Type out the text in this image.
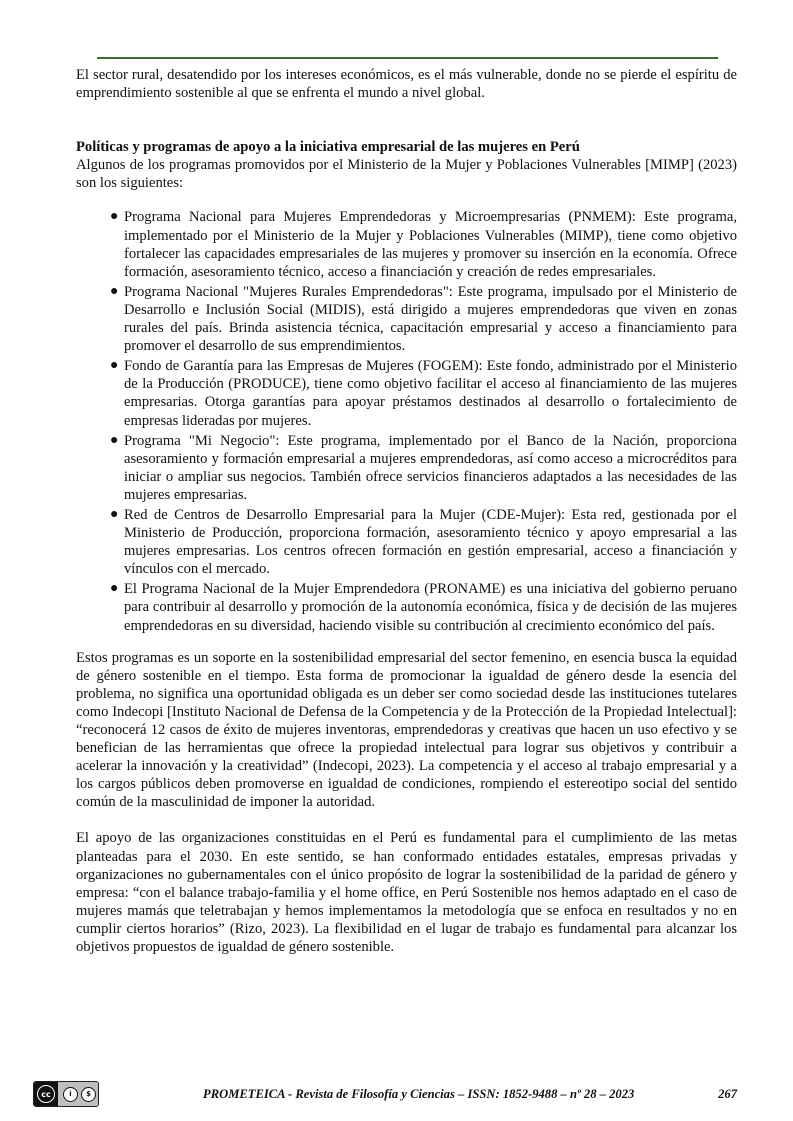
El sector rural, desatendido por los intereses económicos, es el más vulnerable, donde no se pierde el espíritu de emprendimiento sostenible al que se enfrenta el mundo a nivel global.

Políticas y programas de apoyo a la iniciativa empresarial de las mujeres en Perú

Algunos de los programas promovidos por el Ministerio de la Mujer y Poblaciones Vulnerables [MIMP] (2023) son los siguientes:

● Programa Nacional para Mujeres Emprendedoras y Microempresarias (PNMEM): Este programa, implementado por el Ministerio de la Mujer y Poblaciones Vulnerables (MIMP), tiene como objetivo fortalecer las capacidades empresariales de las mujeres y promover su inserción en la economía. Ofrece formación, asesoramiento técnico, acceso a financiación y creación de redes empresariales.
● Programa Nacional "Mujeres Rurales Emprendedoras": Este programa, impulsado por el Ministerio de Desarrollo e Inclusión Social (MIDIS), está dirigido a mujeres emprendedoras que viven en zonas rurales del país. Brinda asistencia técnica, capacitación empresarial y acceso a financiamiento para promover el desarrollo de sus emprendimientos.
● Fondo de Garantía para las Empresas de Mujeres (FOGEM): Este fondo, administrado por el Ministerio de la Producción (PRODUCE), tiene como objetivo facilitar el acceso al financiamiento de las mujeres empresarias. Otorga garantías para apoyar préstamos destinados al desarrollo o fortalecimiento de empresas lideradas por mujeres.
● Programa "Mi Negocio": Este programa, implementado por el Banco de la Nación, proporciona asesoramiento y formación empresarial a mujeres emprendedoras, así como acceso a microcréditos para iniciar o ampliar sus negocios. También ofrece servicios financieros adaptados a las necesidades de las mujeres empresarias.
● Red de Centros de Desarrollo Empresarial para la Mujer (CDE-Mujer): Esta red, gestionada por el Ministerio de Producción, proporciona formación, asesoramiento técnico y apoyo empresarial a las mujeres empresarias. Los centros ofrecen formación en gestión empresarial, acceso a financiación y vínculos con el mercado.
● El Programa Nacional de la Mujer Emprendedora (PRONAME) es una iniciativa del gobierno peruano para contribuir al desarrollo y promoción de la autonomía económica, física y de decisión de las mujeres emprendedoras en su diversidad, haciendo visible su contribución al crecimiento económico del país.

Estos programas es un soporte en la sostenibilidad empresarial del sector femenino, en esencia busca la equidad de género sostenible en el tiempo. Esta forma de promocionar la igualdad de género desde la esencia del problema, no significa una oportunidad obligada es un deber ser como sociedad desde las instituciones tutelares como Indecopi [Instituto Nacional de Defensa de la Competencia y de la Protección de la Propiedad Intelectual]: “reconocerá 12 casos de éxito de mujeres inventoras, emprendedoras y creativas que hacen un uso efectivo y se benefician de las herramientas que ofrece la propiedad intelectual para lograr sus objetivos y contribuir a acelerar la innovación y la creatividad” (Indecopi, 2023). La competencia y el acceso al trabajo empresarial y a los cargos públicos deben promoverse en igualdad de condiciones, rompiendo el estereotipo social del sentido común de la masculinidad de imponer la autoridad.

El apoyo de las organizaciones constituidas en el Perú es fundamental para el cumplimiento de las metas planteadas para el 2030. En este sentido, se han conformado entidades estatales, empresas privadas y organizaciones no gubernamentales con el único propósito de lograr la sostenibilidad de la paridad de género y empresa: “con el balance trabajo-familia y el home office, en Perú Sostenible nos hemos adaptado en el caso de mujeres mamás que teletrabajan y hemos implementamos la metodología que se enfoca en resultados y no en cumplir ciertos horarios” (Rizo, 2023). La flexibilidad en el lugar de trabajo es fundamental para alcanzar los objetivos propuestos de igualdad de género sostenible.

cc	i	$	PROMETEICA - Revista de Filosofía y Ciencias – ISSN: 1852-9488 – nº 28 – 2023	267
